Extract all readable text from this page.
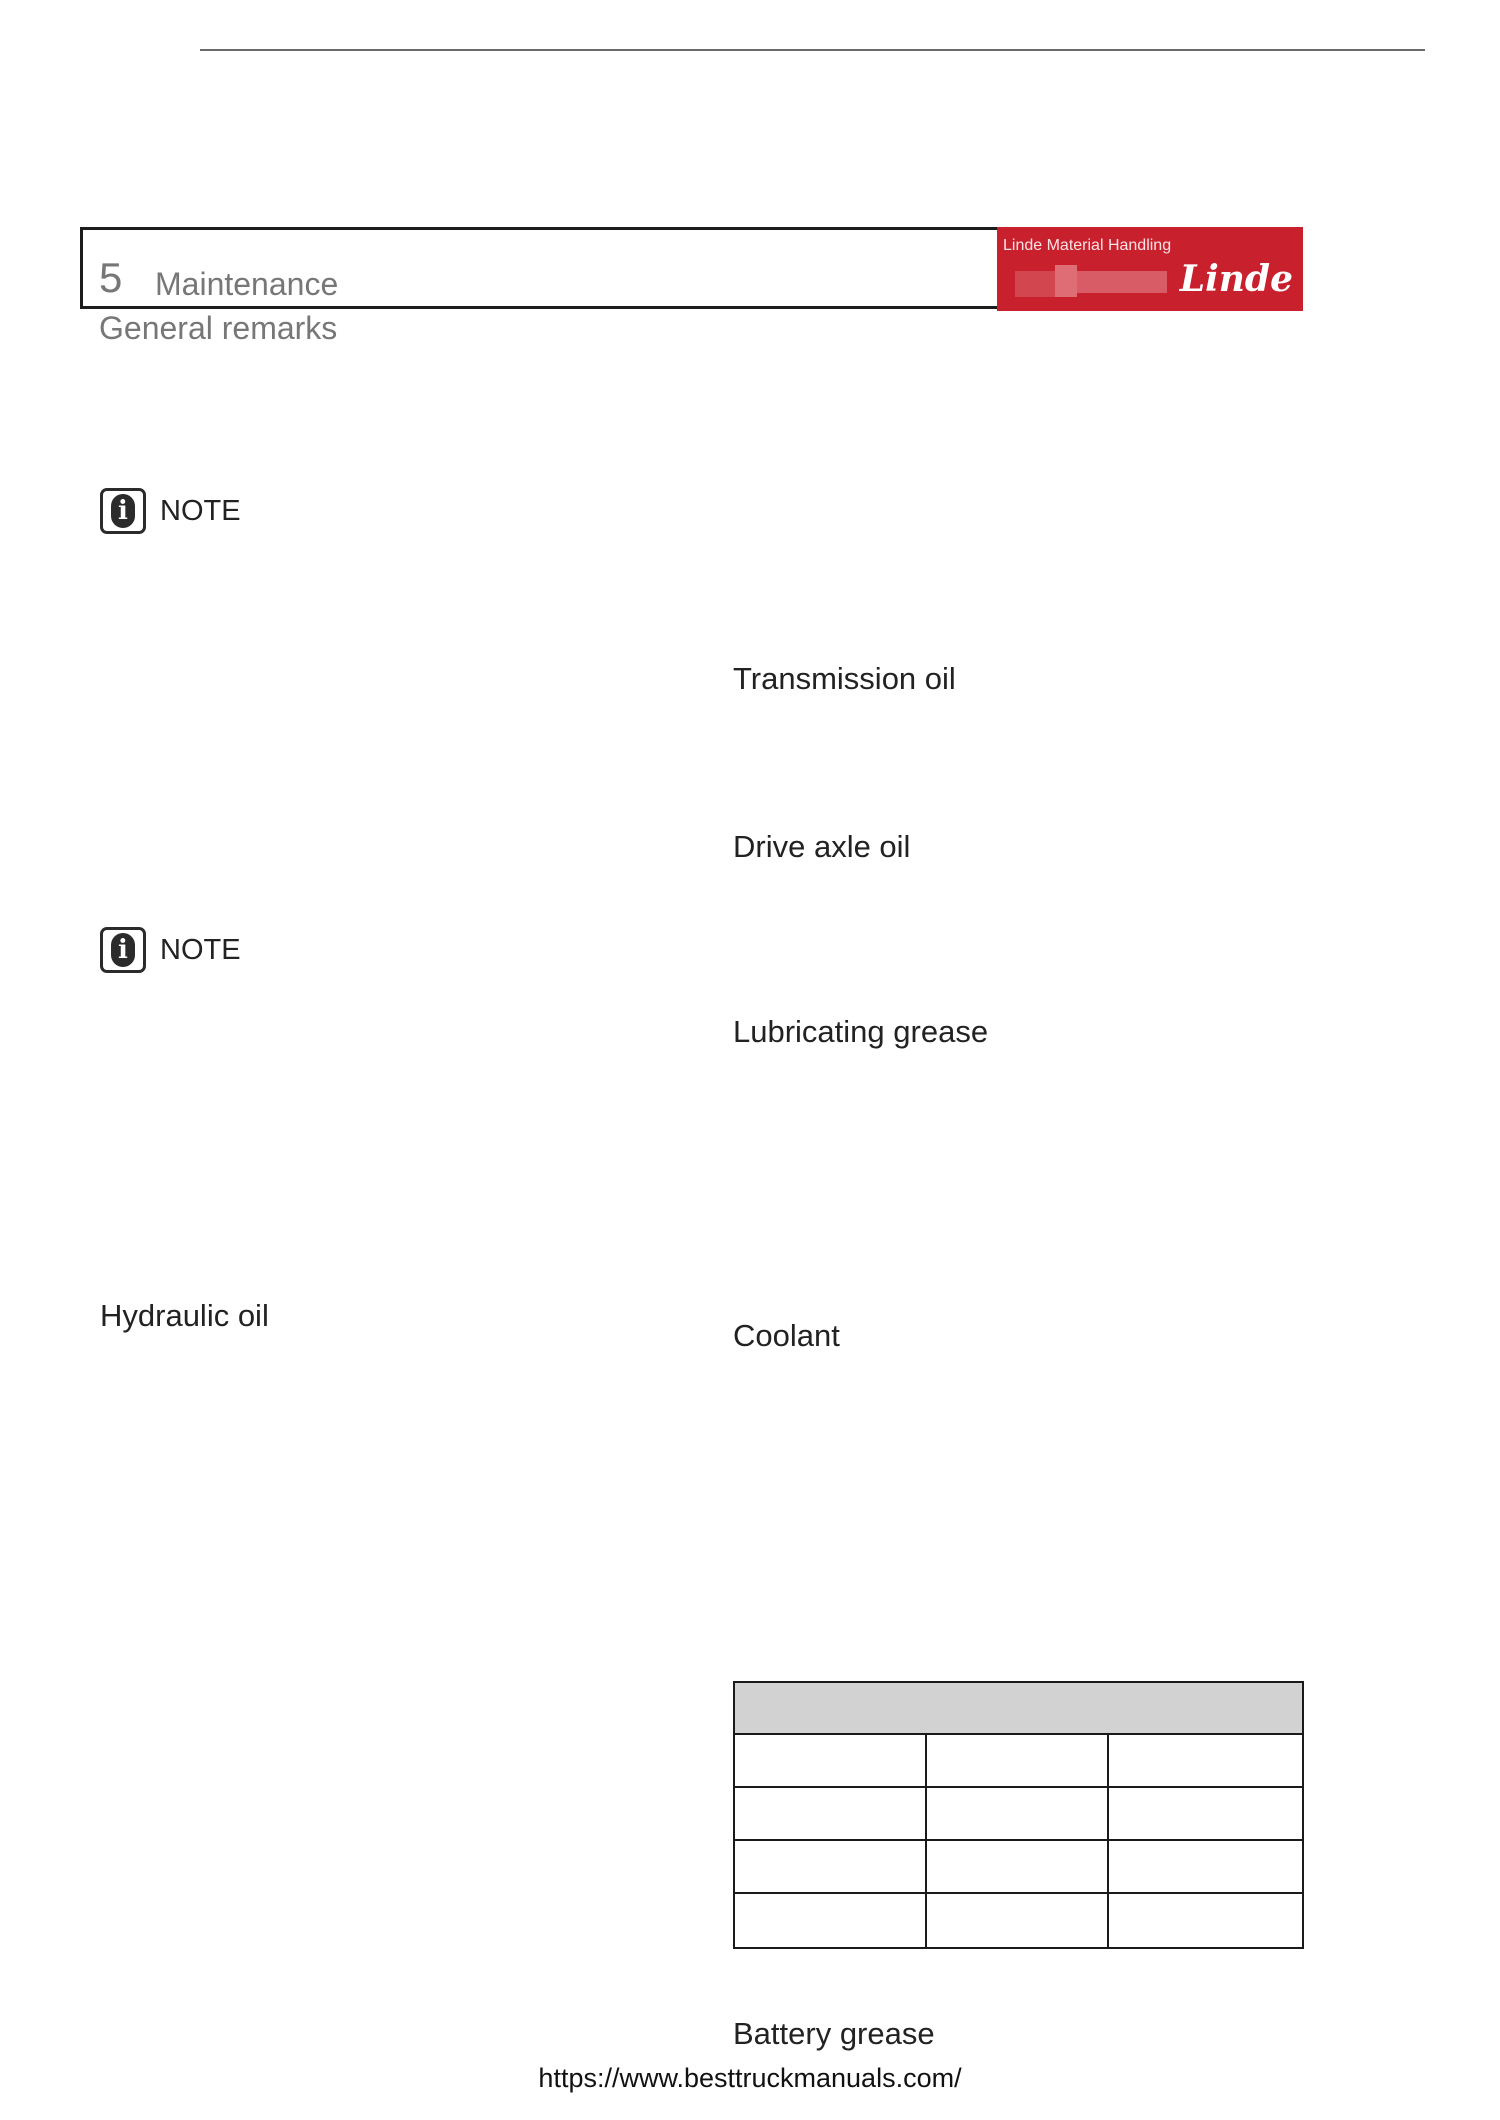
5 Maintenance
General remarks
Linde Material Handling
Linde
i NOTE
i NOTE
Hydraulic oil
Transmission oil
Drive axle oil
Lubricating grease
Coolant
Battery grease
https://www.besttruckmanuals.com/
